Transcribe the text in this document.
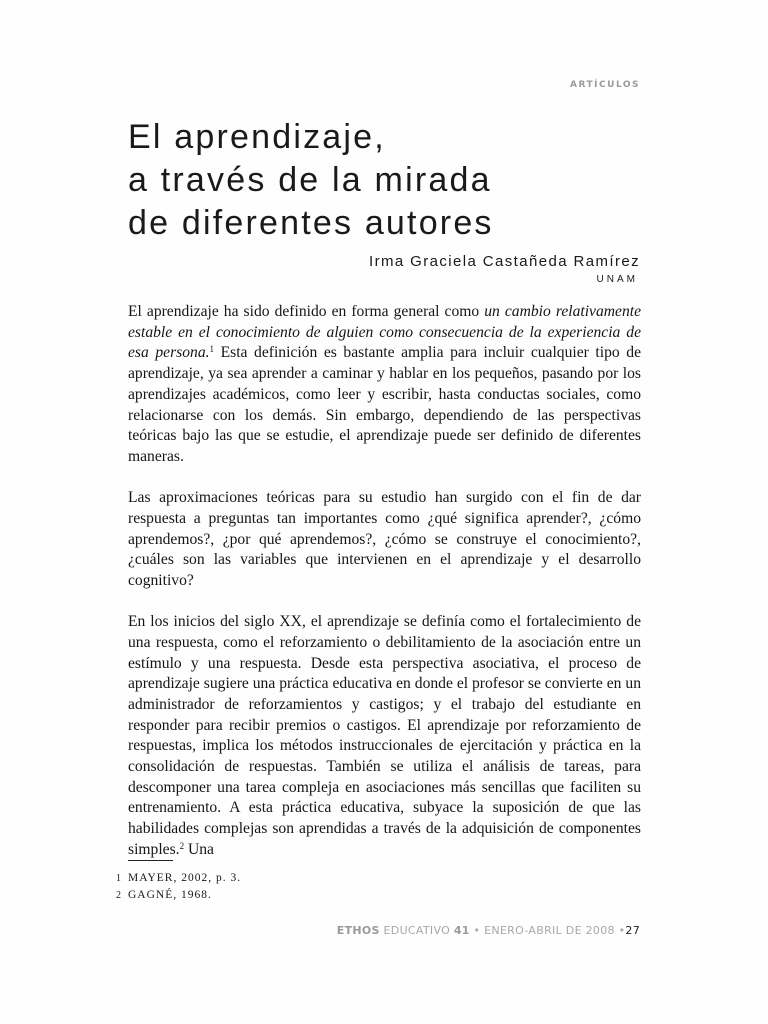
ARTÍCULOS
El aprendizaje,
a través de la mirada
de diferentes autores
Irma Graciela Castañeda Ramírez
UNAM

El aprendizaje ha sido definido en forma general como un cambio relativamente estable en el conocimiento de alguien como consecuencia de la experiencia de esa persona.$^1$ Esta definición es bastante amplia para incluir cualquier tipo de aprendizaje, ya sea aprender a caminar y hablar en los pequeños, pasando por los aprendizajes académicos, como leer y escribir, hasta conductas sociales, como relacionarse con los demás. Sin embargo, dependiendo de las perspectivas teóricas bajo las que se estudie, el aprendizaje puede ser definido de diferentes maneras.

Las aproximaciones teóricas para su estudio han surgido con el fin de dar respuesta a preguntas tan importantes como ¿qué significa aprender?, ¿cómo aprendemos?, ¿por qué aprendemos?, ¿cómo se construye el conocimiento?, ¿cuáles son las variables que intervienen en el aprendizaje y el desarrollo cognitivo?

En los inicios del siglo XX, el aprendizaje se definía como el fortalecimiento de una respuesta, como el reforzamiento o debilitamiento de la asociación entre un estímulo y una respuesta. Desde esta perspectiva asociativa, el proceso de aprendizaje sugiere una práctica educativa en donde el profesor se convierte en un administrador de reforzamientos y castigos; y el trabajo del estudiante en responder para recibir premios o castigos. El aprendizaje por reforzamiento de respuestas, implica los métodos instruccionales de ejercitación y práctica en la consolidación de respuestas. También se utiliza el análisis de tareas, para descomponer una tarea compleja en asociaciones más sencillas que faciliten su entrenamiento. A esta práctica educativa, subyace la suposición de que las habilidades complejas son aprendidas a través de la adquisición de componentes simples.$^2$ Una

1 MAYER, 2002, p. 3.
2 GAGNÉ, 1968.
ETHOS EDUCATIVO 41 • ENERO-ABRIL DE 2008 •27
